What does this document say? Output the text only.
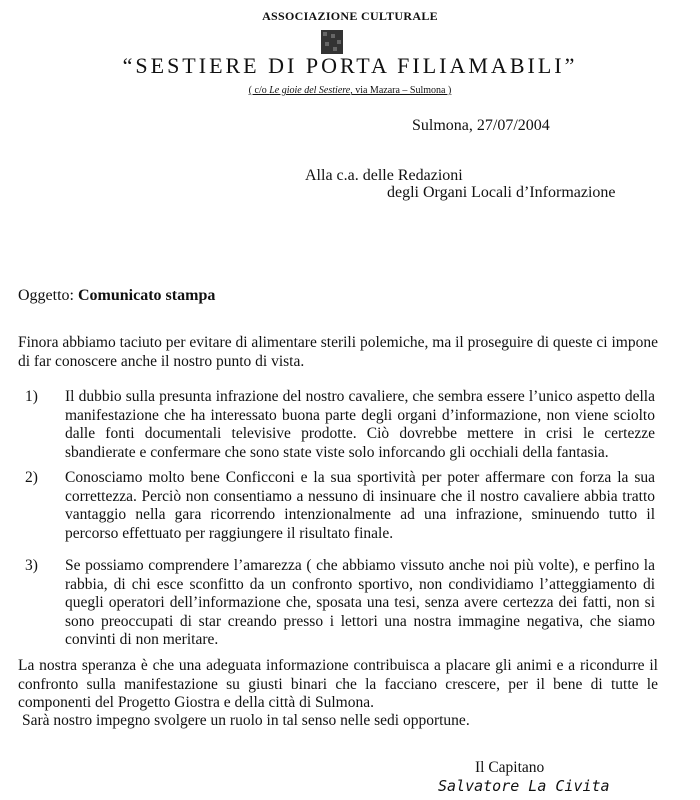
ASSOCIAZIONE CULTURALE
“SESTIERE DI PORTA FILIAMABILI”
( c/o Le gioie del Sestiere, via Mazara – Sulmona )
Sulmona, 27/07/2004
Alla c.a. delle Redazioni
degli Organi Locali d’Informazione
Oggetto: Comunicato stampa
Finora abbiamo taciuto per evitare di alimentare sterili polemiche, ma il proseguire di queste ci impone di far conoscere anche il nostro punto di vista.
1) Il dubbio sulla presunta infrazione del nostro cavaliere, che sembra essere l’unico aspetto della manifestazione che ha interessato buona parte degli organi d’informazione, non viene sciolto dalle fonti documentali televisive prodotte. Ciò dovrebbe mettere in crisi le certezze sbandierate e confermare che sono state viste solo inforcando gli occhiali della fantasia.
2) Conosciamo molto bene Conficconi e la sua sportività per poter affermare con forza la sua correttezza. Perciò non consentiamo a nessuno di insinuare che il nostro cavaliere abbia tratto vantaggio nella gara ricorrendo intenzionalmente ad una infrazione, sminuendo tutto il percorso effettuato per raggiungere il risultato finale.
3) Se possiamo comprendere l’amarezza ( che abbiamo vissuto anche noi più volte), e perfino la rabbia, di chi esce sconfitto da un confronto sportivo, non condividiamo l’atteggiamento di quegli operatori dell’informazione che, sposata una tesi, senza avere certezza dei fatti, non si sono preoccupati di star creando presso i lettori una nostra immagine negativa, che siamo convinti di non meritare.
La nostra speranza è che una adeguata informazione contribuisca a placare gli animi e a ricondurre il confronto sulla manifestazione su giusti binari che la facciano crescere, per il bene di tutte le componenti del Progetto Giostra e della città di Sulmona.
Sarà nostro impegno svolgere un ruolo in tal senso nelle sedi opportune.
Il Capitano
Salvatore La Civita
